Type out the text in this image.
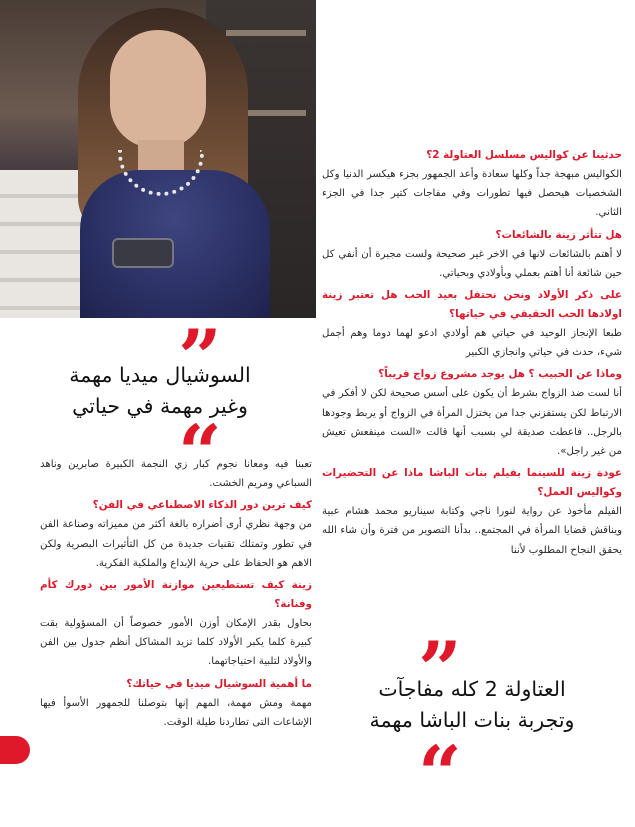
حدثينا عن كواليس مسلسل العتاولة 2؟
الكواليس مبهجة جداً وكلها سعادة وأعد الجمهور بجزء هيكسر الدنيا وكل الشخصيات هيحصل فيها تطورات وفي مفاجات كتير جدا في الجزء الثاني.
هل تتأثر زينة بالشائعات؟
لا أهتم بالشائعات لانها في الاخر غير صحيحة ولست مجبرة أن أنفي كل حين شائعة أنا أهتم بعملي وبأولادي وبحياتي.
على ذكر الأولاد ونحن نحتفل بعيد الحب هل تعتبر زينة اولادها الحب الحقيقي في حياتها؟
طبعا الإنجاز الوحيد في حياتي هم أولادي ادعو لهما دوما وهم أجمل شيء، حدث في حياتي وانجازي الكبير
وماذا عن الحبيب ؟ هل يوجد مشروع زواج قريباً؟
أنا لست ضد الزواج بشرط أن يكون على أسس صحيحة لكن لا أفكر في الارتباط لكن يستفزني جدا من يختزل المرأة في الزواج أو يربط وجودها بالرجل.. فاعطت صديقة لي بسبب أنها قالت «الست مينفعش تعيش من غير راجل».
عودة زينة للسينما بفيلم بنات الباشا ماذا عن التحضيرات وكواليس العمل؟
الفيلم مأخوذ عن رواية لنورا ناجي وكتابة سيناريو محمد هشام عبية ويناقش قضايا المرأة في المجتمع.. بدأنا التصوير من فترة وأن شاء الله يحقق النجاح المطلوب لأننا
تعبنا فيه ومعانا نجوم كبار زي النجمة الكبيرة صابرين وناهد السباعي ومريم الخشت.
كيف ترين دور الذكاء الاصطناعي في الفن؟
من وجهة نظري أرى أضراره بالغة أكثر من مميزاته وصناعة الفن في تطور وتمتلك تقنيات جديدة من كل التأثيرات البصرية ولكن الاهم هو الحفاظ على حرية الإبداع والملكية الفكرية.
زينة كيف تستطيعين موازنة الأمور بين دورك كأم وفنانة؟
بحاول بقدر الإمكان أوزن الأمور خصوصاً أن المسؤولية بقت كبيرة كلما يكبر الأولاد كلما تزيد المشاكل أنظم جدول بين الفن والأولاد لتلبية احتياجاتهما.
ما أهمية السوشيال ميديا في حياتك؟
مهمة ومش مهمة، المهم إنها بتوصلنا للجمهور الأسوأ فيها الإشاعات التى تطاردنا طيلة الوقت.
السوشيال ميديا مهمة
وغير مهمة في حياتي
العتاولة 2 كله مفاجآت
وتجربة بنات الباشا مهمة
